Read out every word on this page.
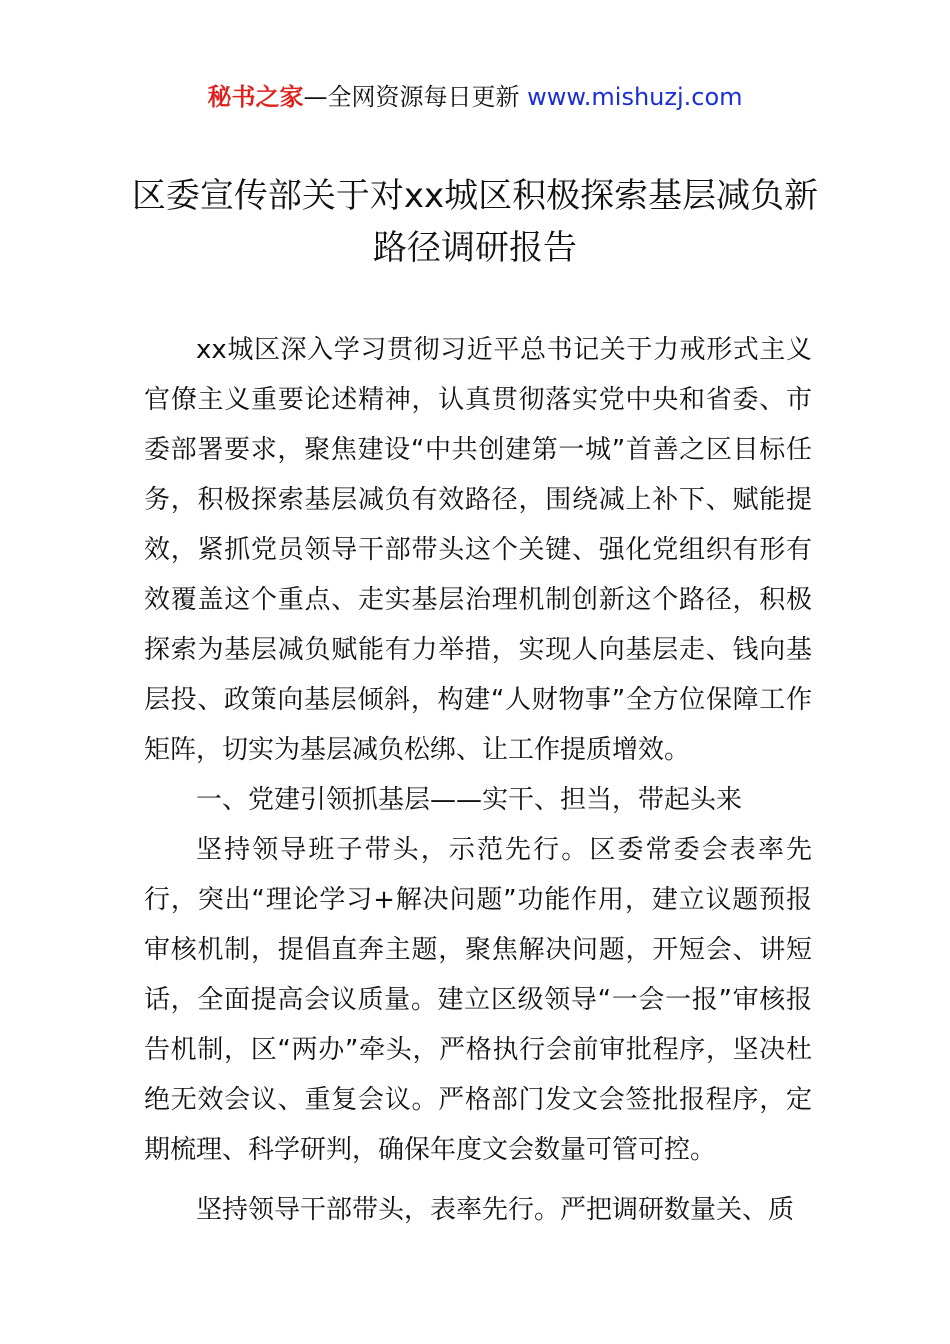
秘书之家—全网资源每日更新 www.mishuzj.com
区委宣传部关于对xx城区积极探索基层减负新路径调研报告

xx城区深入学习贯彻习近平总书记关于力戒形式主义官僚主义重要论述精神，认真贯彻落实党中央和省委、市委部署要求，聚焦建设“中共创建第一城”首善之区目标任务，积极探索基层减负有效路径，围绕减上补下、赋能提效，紧抓党员领导干部带头这个关键、强化党组织有形有效覆盖这个重点、走实基层治理机制创新这个路径，积极探索为基层减负赋能有力举措，实现人向基层走、钱向基层投、政策向基层倾斜，构建“人财物事”全方位保障工作矩阵，切实为基层减负松绑、让工作提质增效。

一、党建引领抓基层——实干、担当，带起头来

坚持领导班子带头，示范先行。区委常委会表率先行，突出“理论学习+解决问题”功能作用，建立议题预报审核机制，提倡直奔主题，聚焦解决问题，开短会、讲短话，全面提高会议质量。建立区级领导“一会一报”审核报告机制，区“两办”牵头，严格执行会前审批程序，坚决杜绝无效会议、重复会议。严格部门发文会签批报程序，定期梳理、科学研判，确保年度文会数量可管可控。

坚持领导干部带头，表率先行。严把调研数量关、质
